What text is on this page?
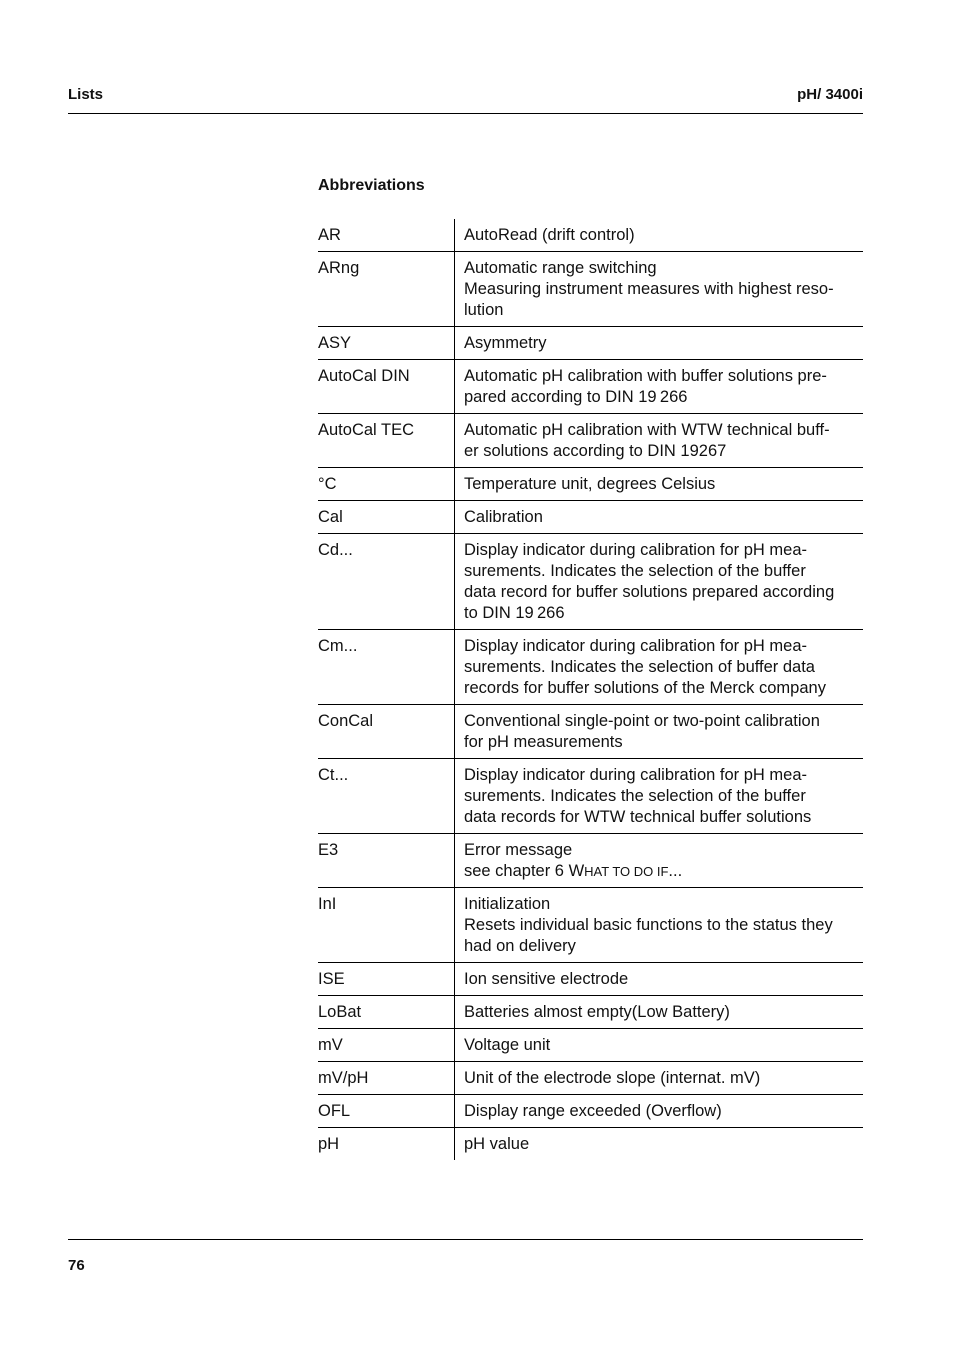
Lists	pH/ 3400i
Abbreviations
AR	AutoRead (drift control)

ARng	Automatic range switching
Measuring instrument measures with highest reso-
lution

ASY	Asymmetry

AutoCal DIN	Automatic pH calibration with buffer solutions pre-
pared according to DIN 19 266

AutoCal TEC	Automatic pH calibration with WTW technical buff-
er solutions according to DIN 19267

°C	Temperature unit, degrees Celsius

Cal	Calibration

Cd...	Display indicator during calibration for pH mea-
surements. Indicates the selection of the buffer
data record for buffer solutions prepared according
to DIN 19 266

Cm...	Display indicator during calibration for pH mea-
surements. Indicates the selection of buffer data
records for buffer solutions of the Merck company

ConCal	Conventional single-point or two-point calibration
for pH measurements

Ct...	Display indicator during calibration for pH mea-
surements. Indicates the selection of the buffer
data records for WTW technical buffer solutions

E3	Error message
see chapter 6 WHAT TO DO IF...

InI	Initialization
Resets individual basic functions to the status they
had on delivery

ISE	Ion sensitive electrode

LoBat	Batteries almost empty(Low Battery)

mV	Voltage unit

mV/pH	Unit of the electrode slope (internat. mV)

OFL	Display range exceeded (Overflow)

pH	pH value
76
